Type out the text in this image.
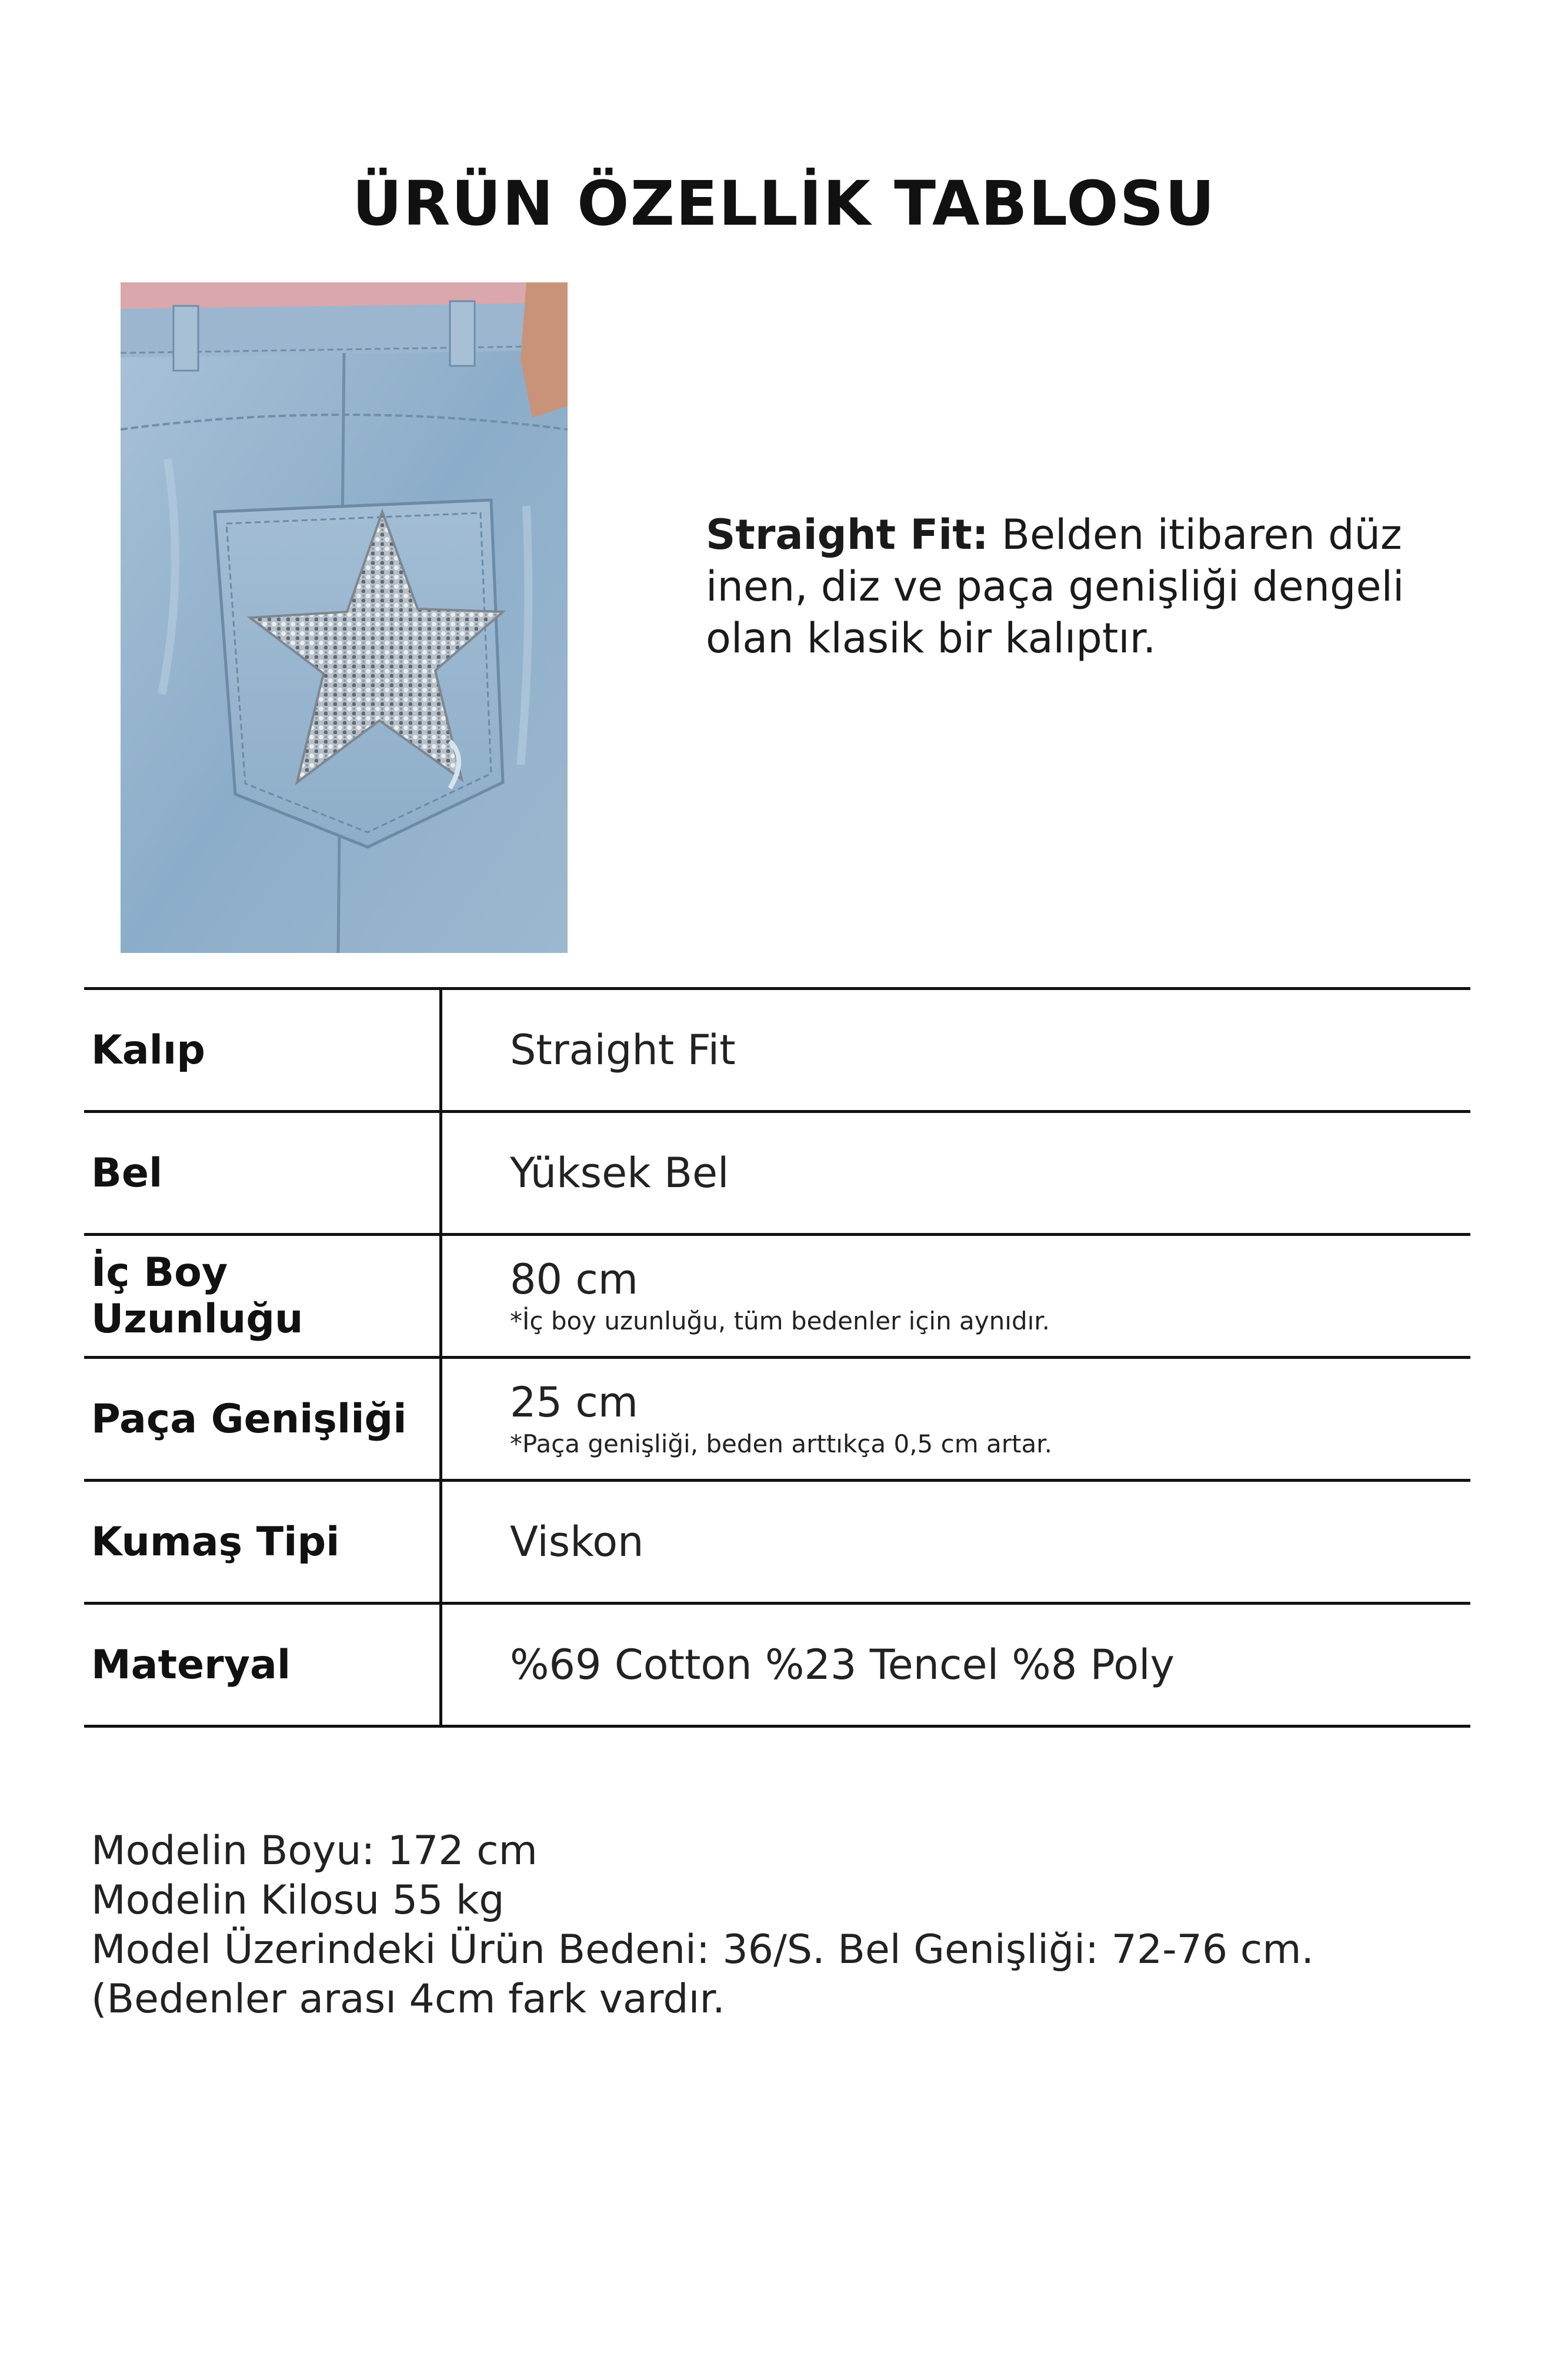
ÜRÜN ÖZELLİK TABLOSU
Straight Fit: Belden itibaren düz inen, diz ve paça genişliği dengeli olan klasik bir kalıptır.
Kalıp	Straight Fit

Bel	Yüksek Bel

İç Boy Uzunluğu	80 cm
*İç boy uzunluğu, tüm bedenler için aynıdır.

Paça Genişliği	25 cm
*Paça genişliği, beden arttıkça 0,5 cm artar.

Kumaş Tipi	Viskon

Materyal	%69 Cotton %23 Tencel %8 Poly
Modelin Boyu: 172 cm
Modelin Kilosu 55 kg
Model Üzerindeki Ürün Bedeni: 36/S. Bel Genişliği: 72-76 cm. (Bedenler arası 4cm fark vardır.
